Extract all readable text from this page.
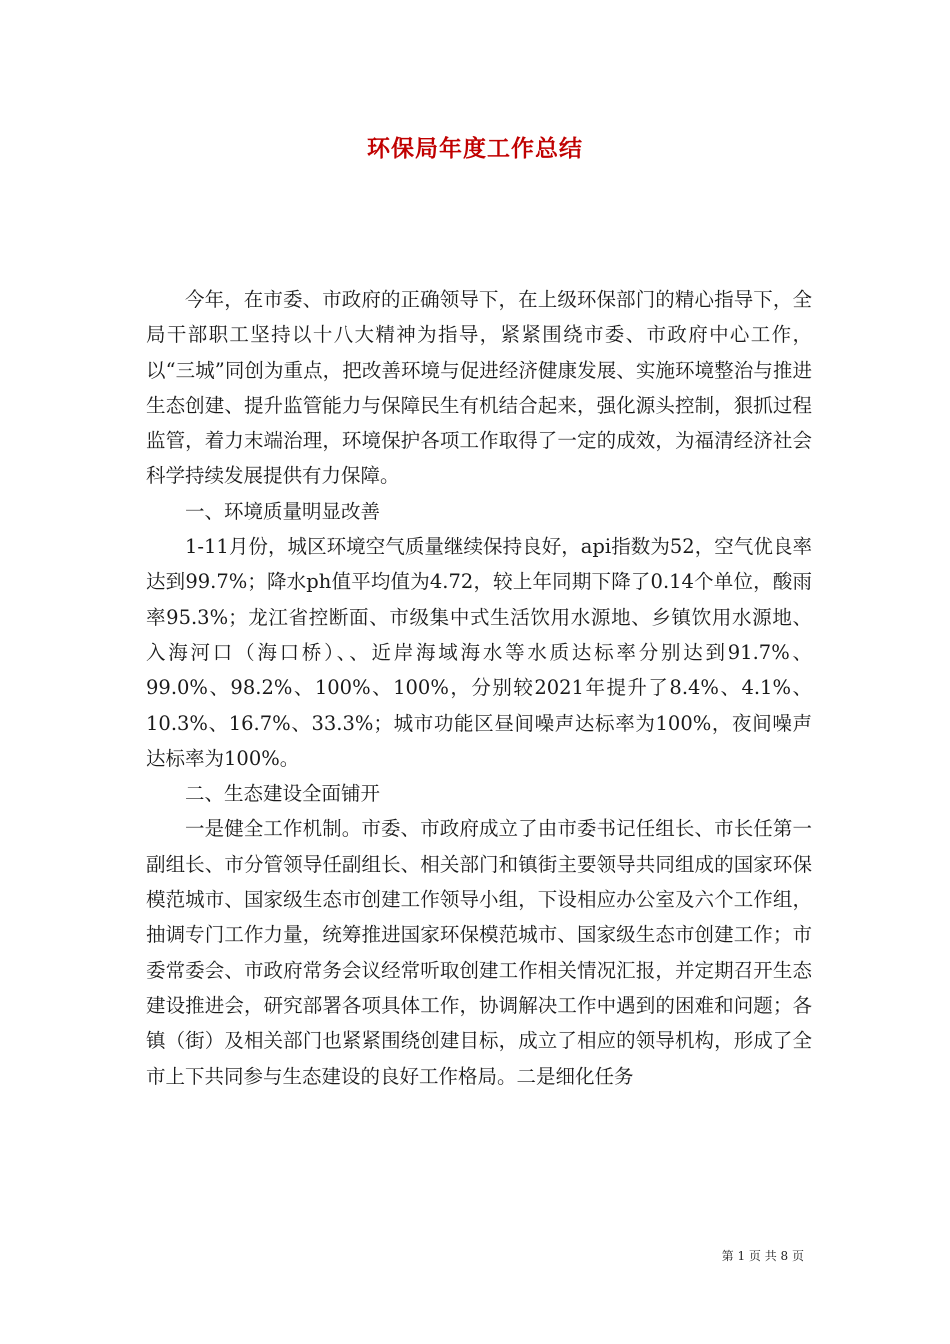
环保局年度工作总结

今年，在市委、市政府的正确领导下，在上级环保部门的精心指导下，全局干部职工坚持以十八大精神为指导，紧紧围绕市委、市政府中心工作，以“三城”同创为重点，把改善环境与促进经济健康发展、实施环境整治与推进生态创建、提升监管能力与保障民生有机结合起来，强化源头控制，狠抓过程监管，着力末端治理，环境保护各项工作取得了一定的成效，为福清经济社会科学持续发展提供有力保障。

一、环境质量明显改善

1-11月份，城区环境空气质量继续保持良好，api指数为52，空气优良率达到99.7%；降水ph值平均值为4.72，较上年同期下降了0.14个单位，酸雨率95.3%；龙江省控断面、市级集中式生活饮用水源地、乡镇饮用水源地、入海河口（海口桥）、、近岸海域海水等水质达标率分别达到91.7%、99.0%、98.2%、100%、100%，分别较2021年提升了8.4%、4.1%、10.3%、16.7%、33.3%；城市功能区昼间噪声达标率为100%，夜间噪声达标率为100%。

二、生态建设全面铺开

一是健全工作机制。市委、市政府成立了由市委书记任组长、市长任第一副组长、市分管领导任副组长、相关部门和镇街主要领导共同组成的国家环保模范城市、国家级生态市创建工作领导小组，下设相应办公室及六个工作组，抽调专门工作力量，统筹推进国家环保模范城市、国家级生态市创建工作；市委常委会、市政府常务会议经常听取创建工作相关情况汇报，并定期召开生态建设推进会，研究部署各项具体工作，协调解决工作中遇到的困难和问题；各镇（街）及相关部门也紧紧围绕创建目标，成立了相应的领导机构，形成了全市上下共同参与生态建设的良好工作格局。二是细化任务

第 1 页 共 8 页
